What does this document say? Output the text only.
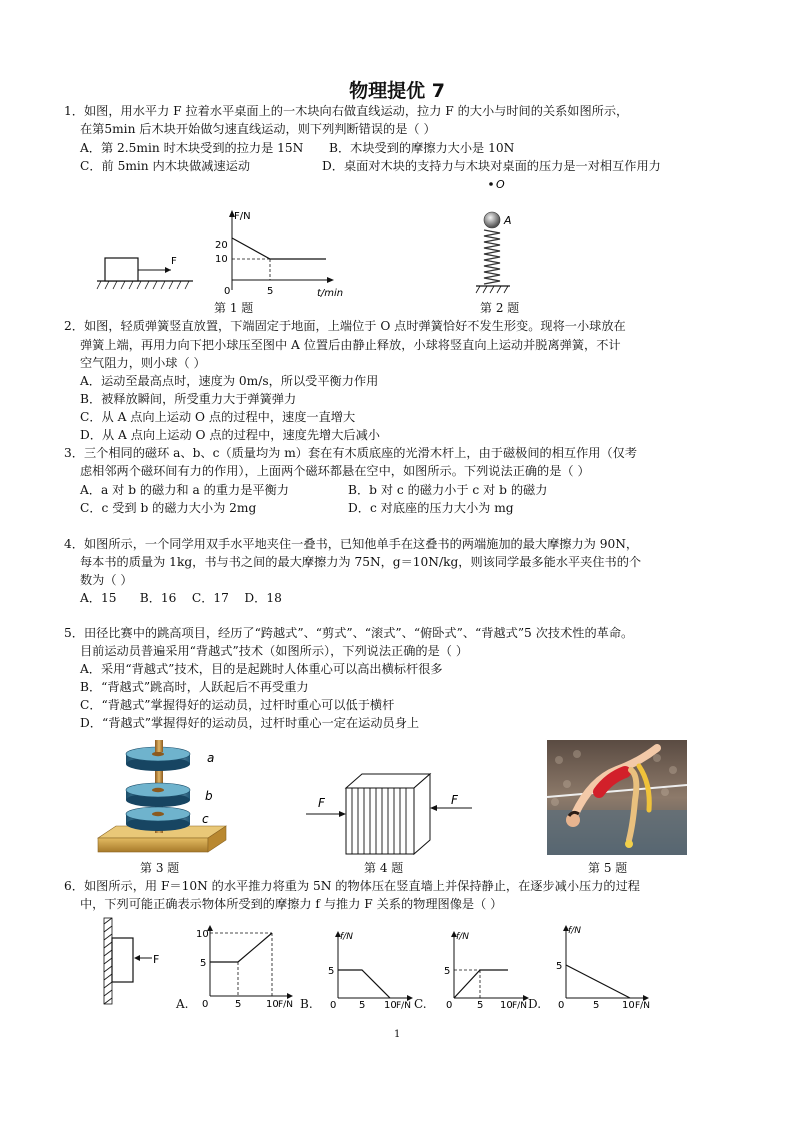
物理提优 7
1．如图，用水平力 F 拉着水平桌面上的一木块向右做直线运动，拉力 F 的大小与时间的关系如图所示，
在第5min 后木块开始做匀速直线运动，则下列判断错误的是（ ）
A．第 2.5min 时木块受到的拉力是 15N B．木块受到的摩擦力大小是 10N
C．前 5min 内木块做减速运动	D．桌面对木块的支持力与木块对桌面的压力是一对相互作用力
F
F/N
20
10
0	5	t/min
第 1 题
O
A
第 2 题
2．如图，轻质弹簧竖直放置，下端固定于地面，上端位于 O 点时弹簧恰好不发生形变。现将一小球放在
弹簧上端，再用力向下把小球压至图中 A 位置后由静止释放，小球将竖直向上运动并脱离弹簧，不计
空气阻力，则小球（ ）
A．运动至最高点时，速度为 0m/s，所以受平衡力作用
B．被释放瞬间，所受重力大于弹簧弹力
C．从 A 点向上运动 O 点的过程中，速度一直增大
D．从 A 点向上运动 O 点的过程中，速度先增大后减小
3．三个相同的磁环 a、b、c（质量均为 m）套在有木质底座的光滑木杆上，由于磁极间的相互作用（仅考
虑相邻两个磁环间有力的作用），上面两个磁环都悬在空中，如图所示。下列说法正确的是（ ）
A．a 对 b 的磁力和 a 的重力是平衡力	B．b 对 c 的磁力小于 c 对 b 的磁力
C．c 受到 b 的磁力大小为 2mg	D．c 对底座的压力大小为 mg
4．如图所示，一个同学用双手水平地夹住一叠书，已知他单手在这叠书的两端施加的最大摩擦力为 90N，
每本书的质量为 1kg，书与书之间的最大摩擦力为 75N，g＝10N/kg，则该同学最多能水平夹住书的个
数为（ ）
A．15      B．16    C．17    D．18
5．田径比赛中的跳高项目，经历了“跨越式”、“剪式”、“滚式”、“俯卧式”、“背越式”5 次技术性的革命。
目前运动员普遍采用“背越式”技术（如图所示），下列说法正确的是（ ）
A．采用“背越式”技术，目的是起跳时人体重心可以高出横标杆很多
B．“背越式”跳高时，人跃起后不再受重力
C．“背越式”掌握得好的运动员，过杆时重心可以低于横杆
D．“背越式”掌握得好的运动员，过杆时重心一定在运动员身上
a
b
c
第 3 题
F	F
第 4 题	第 5 题
6．如图所示，用 F＝10N 的水平推力将重为 5N 的物体压在竖直墙上并保持静止，在逐步减小压力的过程
中，下列可能正确表示物体所受到的摩擦力 f 与推力 F 关系的物理图像是（ ）
F
10
5
0	5 10 F/N
A.
f/N
5
0 5 10 F/N
B.
f/N
5
0 5 10 F/N
C.
f/N
5
0	5 10 F/N
D.
1
